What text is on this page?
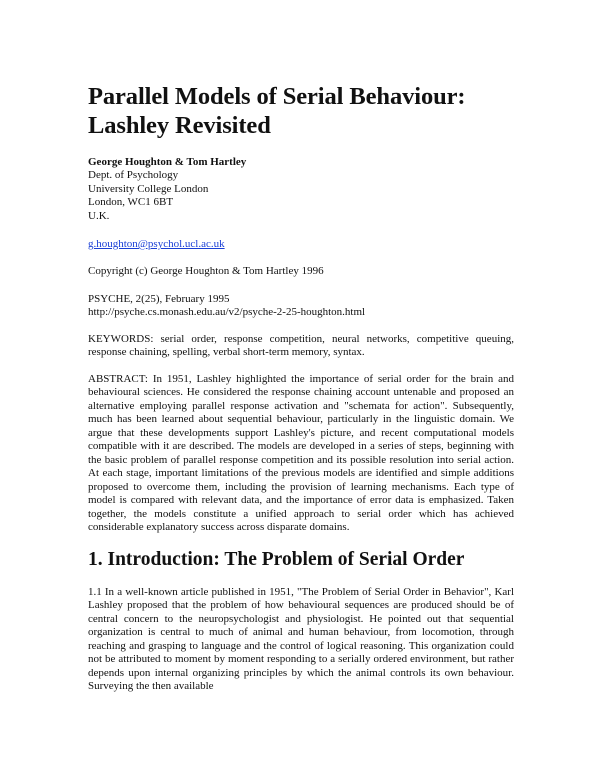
Parallel Models of Serial Behaviour:
Lashley Revisited

George Houghton & Tom Hartley

Dept. of Psychology
University College London
London, WC1 6BT
U.K.

g.houghton@psychol.ucl.ac.uk

Copyright (c) George Houghton & Tom Hartley 1996

PSYCHE, 2(25), February 1995
http://psyche.cs.monash.edu.au/v2/psyche-2-25-houghton.html

KEYWORDS: serial order, response competition, neural networks, competitive queuing, response chaining, spelling, verbal short-term memory, syntax.

ABSTRACT: In 1951, Lashley highlighted the importance of serial order for the brain and behavioural sciences. He considered the response chaining account untenable and proposed an alternative employing parallel response activation and "schemata for action". Subsequently, much has been learned about sequential behaviour, particularly in the linguistic domain. We argue that these developments support Lashley's picture, and recent computational models compatible with it are described. The models are developed in a series of steps, beginning with the basic problem of parallel response competition and its possible resolution into serial action. At each stage, important limitations of the previous models are identified and simple additions proposed to overcome them, including the provision of learning mechanisms. Each type of model is compared with relevant data, and the importance of error data is emphasized. Taken together, the models constitute a unified approach to serial order which has achieved considerable explanatory success across disparate domains.

1. Introduction: The Problem of Serial Order

1.1 In a well-known article published in 1951, "The Problem of Serial Order in Behavior", Karl Lashley proposed that the problem of how behavioural sequences are produced should be of central concern to the neuropsychologist and physiologist. He pointed out that sequential organization is central to much of animal and human behaviour, from locomotion, through reaching and grasping to language and the control of logical reasoning. This organization could not be attributed to moment by moment responding to a serially ordered environment, but rather depends upon internal organizing principles by which the animal controls its own behaviour. Surveying the then available
